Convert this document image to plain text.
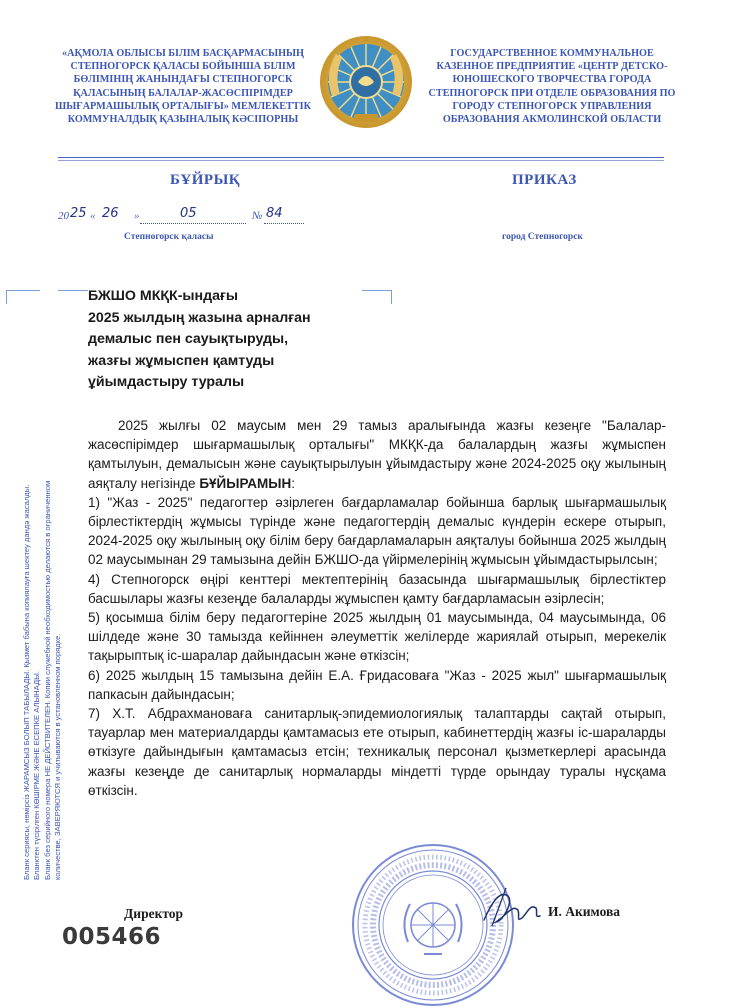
«АҚМОЛА ОБЛЫСЫ БІЛІМ БАСҚАРМАСЫНЫҢ СТЕПНОГОРСК ҚАЛАСЫ БОЙЫНША БІЛІМ БӨЛІМІНІҢ ЖАНЫНДАҒЫ СТЕПНОГОРСК ҚАЛАСЫНЫҢ БАЛАЛАР-ЖАСӨСПІРІМДЕР ШЫҒАРМАШЫЛЫҚ ОРТАЛЫҒЫ» МЕМЛЕКЕТТІК КОММУНАЛДЫҚ ҚАЗЫНАЛЫҚ КӘСІПОРНЫ
ГОСУДАРСТВЕННОЕ КОММУНАЛЬНОЕ КАЗЕННОЕ ПРЕДПРИЯТИЕ «ЦЕНТР ДЕТСКО-ЮНОШЕСКОГО ТВОРЧЕСТВА ГОРОДА СТЕПНОГОРСК ПРИ ОТДЕЛЕ ОБРАЗОВАНИЯ ПО ГОРОДУ СТЕПНОГОРСК УПРАВЛЕНИЯ ОБРАЗОВАНИЯ АКМОЛИНСКОЙ ОБЛАСТИ
БҰЙРЫҚ	ПРИКАЗ
20 25 « 26 »	05	№ 84
Степногорск қаласы	город Степногорск
БЖШО МКҚК-ындағы
2025 жылдың жазына арналған
демалыс пен сауықтыруды,
жазғы жұмыспен қамтуды
ұйымдастыру туралы
Бланк сериясы, нөмірсіз ЖАРАМСЫЗ БОЛЫП ТАБЫЛАДЫ. Қызмет бабына копиялауға шектеу дандә жасалды. Бланктен түсірілген КӨШІРМЕ ЖӘНЕ ЕСЕПКЕ АЛЫНАДЫ. Бланк без серийного номера НЕ ДЕЙСТВИТЕЛЕН. Копии служебной необходимостью делаются в ограниченном количестве, ЗАВЕРЯЮТСЯ и учитываются в установленном порядке.

2025 жылғы 02 маусым мен 29 тамыз аралығында жазғы кезеңге "Балалар-жасөспірімдер шығармашылық орталығы" МКҚК-да балалардың жазғы жұмыспен қамтылуын, демалысын және сауықтырылуын ұйымдастыру және 2024-2025 оқу жылының аяқталу негізінде БҰЙЫРАМЫН:

1) "Жаз - 2025" педагогтер әзірлеген бағдарламалар бойынша барлық шығармашылық бірлестіктердің жұмысы түрінде және педагогтердің демалыс күндерін ескере отырып, 2024-2025 оқу жылының оқу білім беру бағдарламаларын аяқталуы бойынша 2025 жылдың 02 маусымынан 29 тамызына дейін БЖШО-да үйірмелерінің жұмысын ұйымдастырылсын;

4) Степногорск өңірі кенттері мектептерінің базасында шығармашылық бірлестіктер басшылары жазғы кезеңде балаларды жұмыспен қамту бағдарламасын әзірлесін;

5) қосымша білім беру педагогтеріне 2025 жылдың 01 маусымында, 04 маусымында, 06 шілдеде және 30 тамызда кейіннен әлеуметтік желілерде жариялай отырып, мерекелік тақырыптық іс-шаралар дайындасын және өткізсін;

6) 2025 жылдың 15 тамызына дейін Е.А. Ғридасоваға "Жаз - 2025 жыл" шығармашылық папкасын дайындасын;

7) Х.Т. Абдрахмановаға санитарлық-эпидемиологиялық талаптарды сақтай отырып, тауарлар мен материалдарды қамтамасыз ете отырып, кабинеттердің жазғы іс-шараларды өткізуге дайындығын қамтамасыз етсін; техникалық персонал қызметкерлері арасында жазғы кезеңде де санитарлық нормаларды міндетті түрде орындау туралы нұсқама өткізсін.

Директор	И. Акимова
005466
